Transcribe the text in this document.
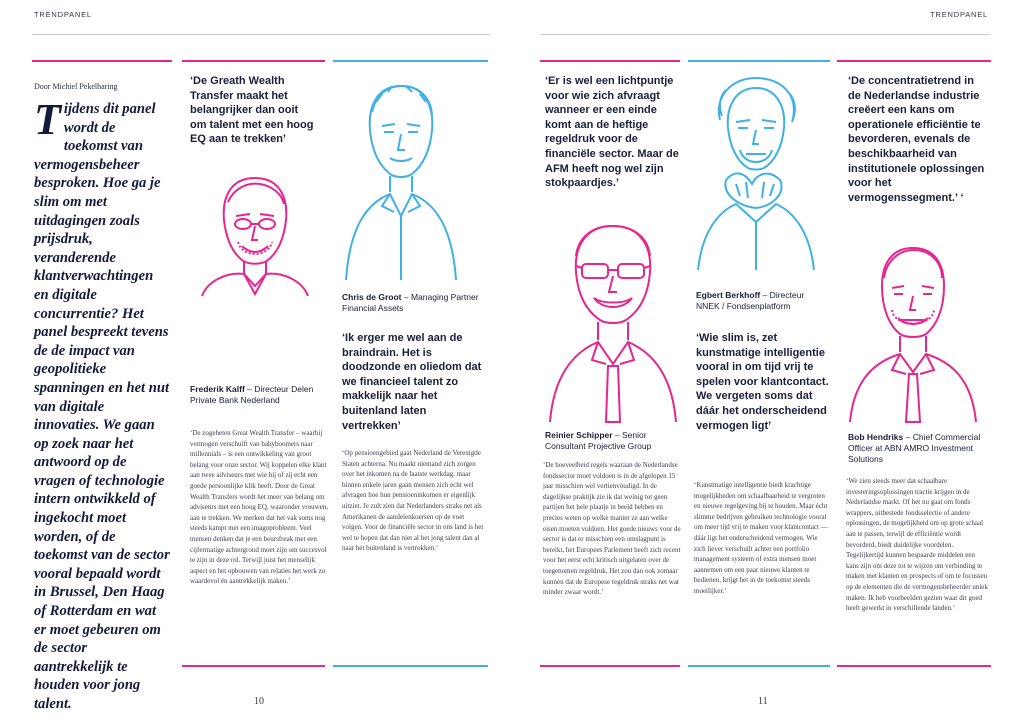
TRENDPANEL	TRENDPANEL
Door Michiel Pekelharing
Tijdens dit panel wordt de toekomst van vermogensbeheer besproken. Hoe ga je slim om met uitdagingen zoals prijsdruk, veranderende klantverwachtingen en digitale concurrentie? Het panel bespreekt tevens de de impact van geopolitieke spanningen en het nut van digitale innovaties. We gaan op zoek naar het antwoord op de vragen of technologie intern ontwikkeld of ingekocht moet worden, of de toekomst van de sector vooral bepaald wordt in Brussel, Den Haag of Rotterdam en wat er moet gebeuren om de sector aantrekkelijk te houden voor jong talent.
‘De Greath Wealth Transfer maakt het belangrijker dan ooit om talent met een hoog EQ aan te trekken’
Frederik Kalff – Directeur Delen Private Bank Nederland
‘De zogeheten Great Wealth Transfer – waarbij vermogen verschuift van babyboomers naar millennials – is een ontwikkeling van groot belang voor onze sector. Wij koppelen elke klant aan twee adviseurs met wie hij of zij echt een goede persoonlijke klik heeft. Door de Great Wealth Transfers wordt het meer van belang om adviseurs met een hoog EQ, waaronder vrouwen, aan te trekken. We merken dat het vak soms nog steeds kampt met een imagoprobleem. Veel mensen denken dat je een beursfreak met een cijfermatige achtergrond moet zijn om succesvol te zijn in deze rol. Terwijl juist het menselijk aspect en het opbouwen van relaties het werk zo waardevol én aantrekkelijk maken.’
Chris de Groot – Managing Partner Financial Assets
‘Ik erger me wel aan de braindrain. Het is doodzonde en oliedom dat we financieel talent zo makkelijk naar het buitenland laten vertrekken’
‘Op pensioengebied gaat Nederland de Verenigde Staten achterna. Nu maakt niemand zich zorgen over het inkomen na de laatste werkdag, maar binnen enkele jaren gaan mensen zich echt wel afvragen hoe hun pensioeninkomen er eigenlijk uitziet. Je zult zien dat Nederlanders straks net als Amerikanen de aandelenkoersen op de voet volgen. Voor de financiële sector in ons land is het wel te hopen dat dan niet al het jong talent dan al naar het buitenland is vertrokken.’
‘Er is wel een lichtpuntje voor wie zich afvraagt wanneer er een einde komt aan de heftige regeldruk voor de financiële sector. Maar de AFM heeft nog wel zijn stokpaardjes.’
Reinier Schipper – Senior Consultant Projective Group
‘De hoeveelheid regels waaraan de Nederlandse fondssector moet voldoen is in de afgelopen 15 jaar misschien wel vertienvoudigd. In de dagelijkse praktijk zie ik dat weinig tot geen partijen het hele plaatje in beeld hebben en precies weten op welke manier ze aan welke eisen moeten voldoen. Het goede nieuws voor de sector is dat er misschien een omslagpunt is bereikt, het Europees Parlement heeft zich recent voor het eerst echt kritisch uitgelaten over de toegenomen regeldruk. Het zou dan ook zomaar kunnen dat de Europese regeldruk straks net wat minder zwaar wordt.’
Egbert Berkhoff – Directeur NNEK / Fondsenplatform
‘Wie slim is, zet kunstmatige intelligentie vooral in om tijd vrij te spelen voor klantcontact. We vergeten soms dat dáár het onderscheidend vermogen ligt’
‘Kunstmatige intelligentie biedt krachtige mogelijkheden om schaalbaarheid te vergroten en nieuwe regelgeving bij te houden. Maar écht slimme bedrijven gebruiken technologie vooral om meer tijd vrij te maken voor klantcontact — dáár ligt het onderscheidend vermogen. Wie zich liever verschuilt achter een portfolio management systeem of extra mensen moet aannemen om een paar nieuwe klanten te bedienen, krijgt het in de toekomst steeds moeilijker.’
‘De concentratietrend in de Nederlandse industrie creëert een kans om operationele efficiëntie te bevorderen, evenals de beschikbaarheid van institutionele oplossingen voor het vermogenssegment.’ ‘
Bob Hendriks – Chief Commercial Officer at ABN AMRO Investment Solutions
‘We zien steeds meer dat schaalbare investeringsoplossingen tractie krijgen in de Nederlandse markt. Of het nu gaat om fonds wrappers, uitbestede fondsselectie of andere oplossingen, de mogelijkheid om op grote schaal aan te passen, terwijl de efficiëntie wordt bevorderd, biedt duidelijke voordelen. Tegelijkertijd kunnen bespaarde middelen een kans zijn om deze tot te wijzen om verbinding te maken met klanten en prospects of om te focussen op de elementen die de vermogensbeheerder uniek maken. Ik heb voorbeelden gezien waar dit goed heeft gewerkt in verschillende landen.’
10	11
